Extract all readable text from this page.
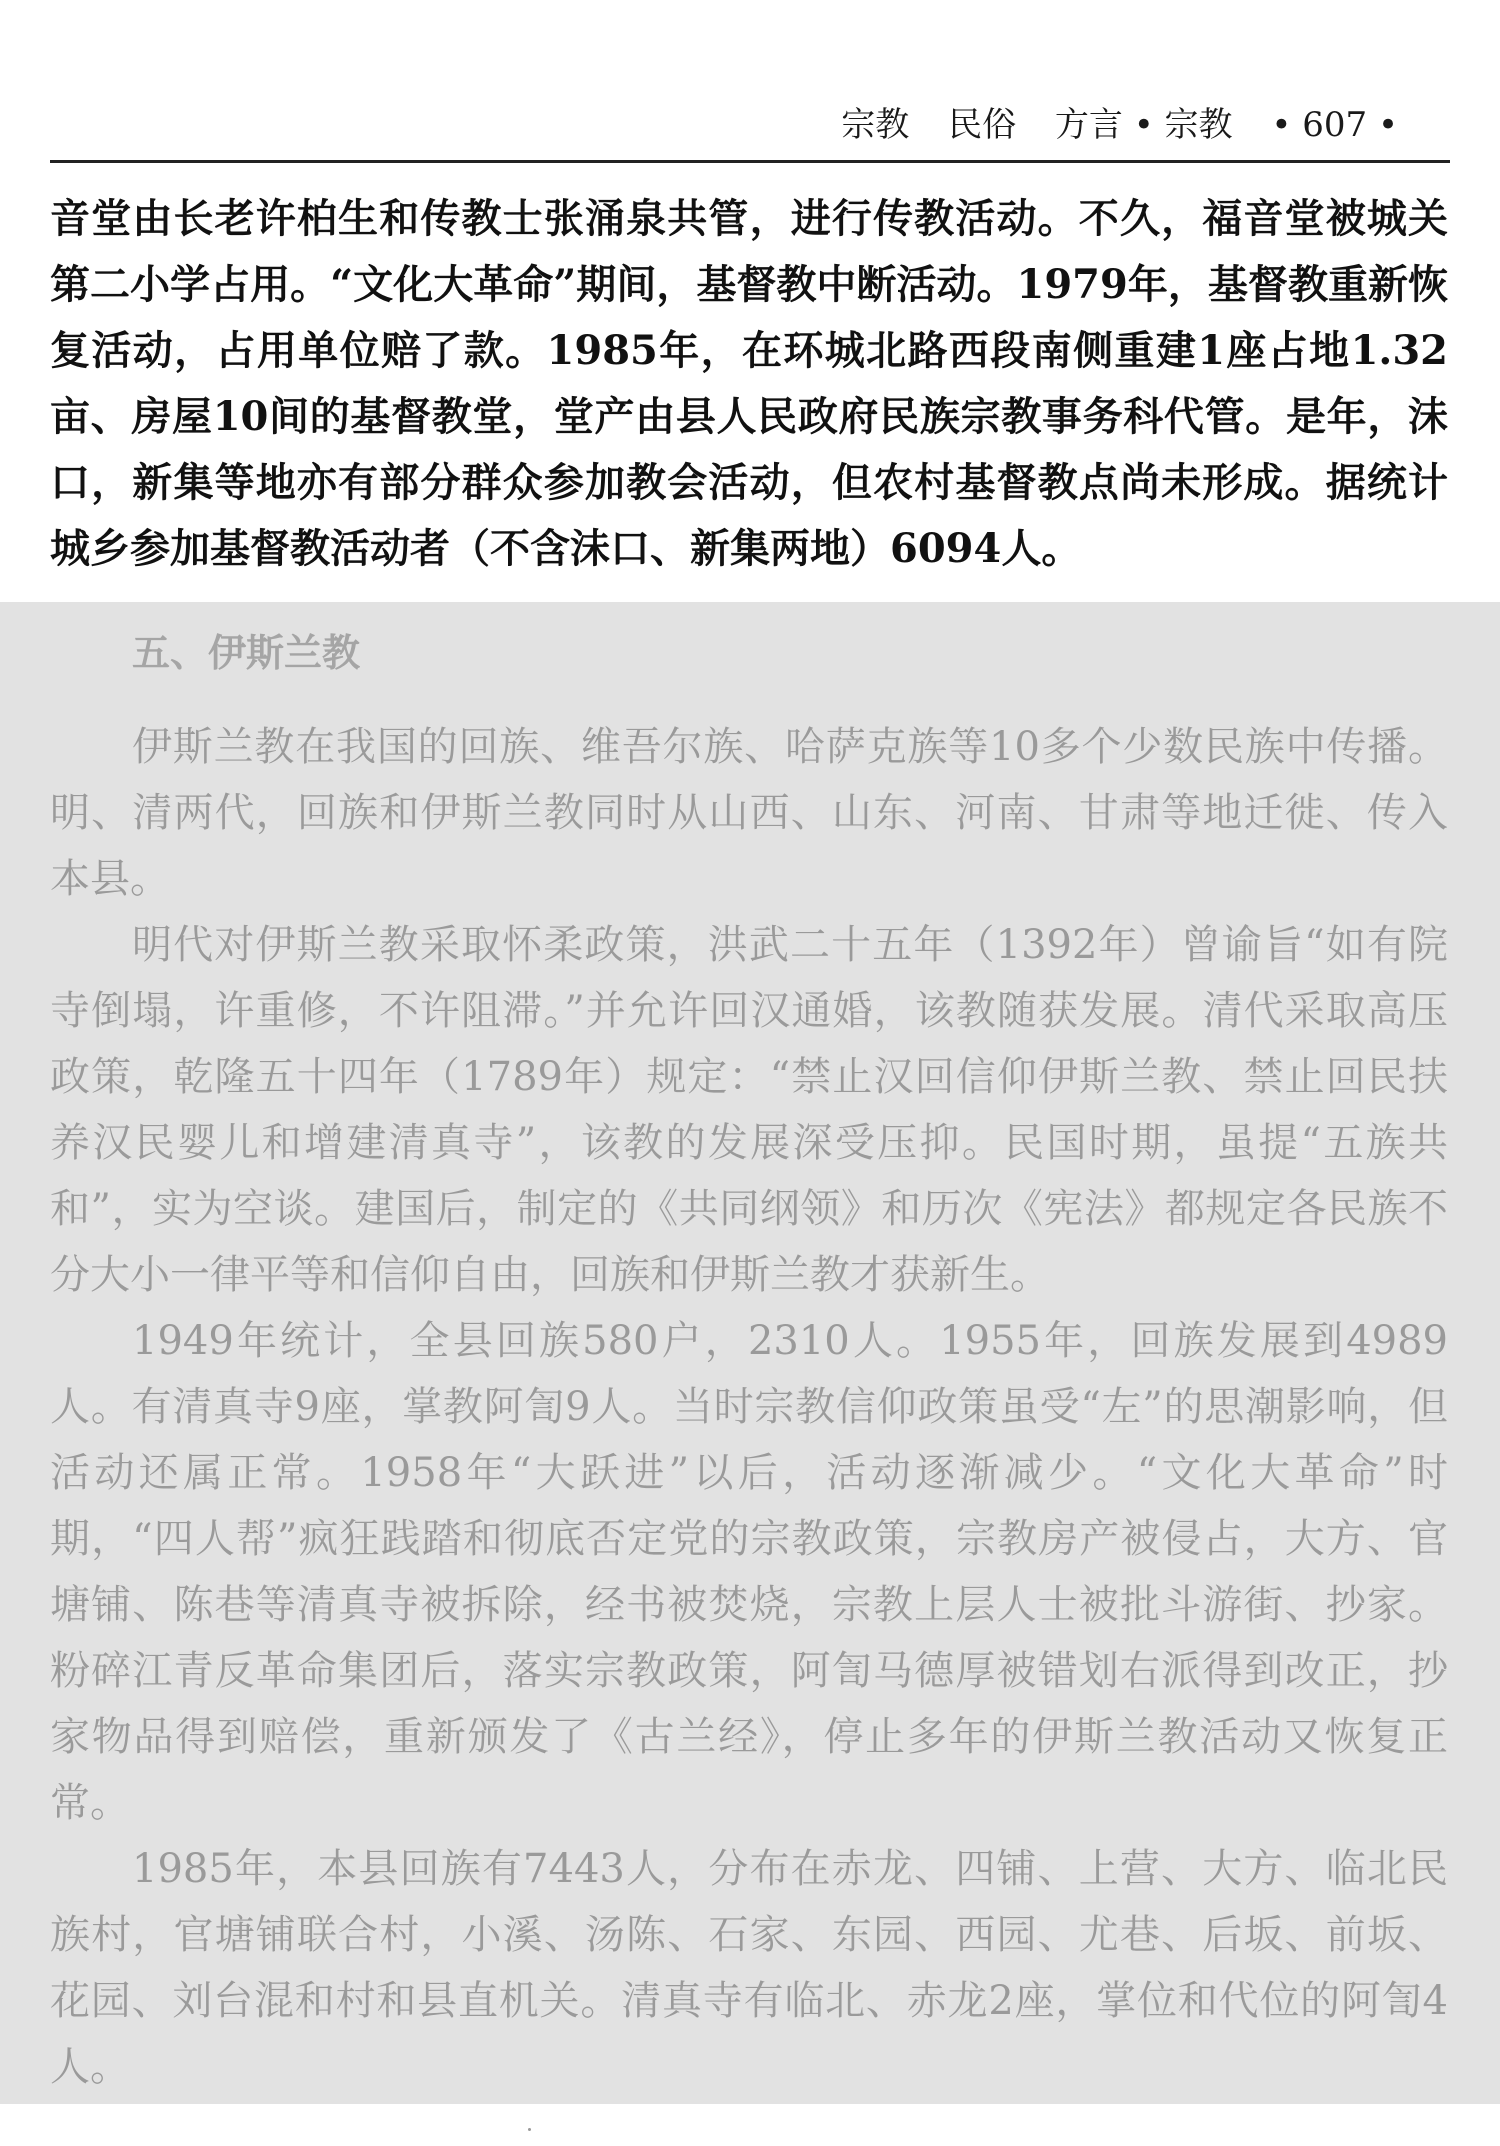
宗教 民俗 方言 • 宗教 • 607 •

音堂由长老许柏生和传教士张涌泉共管，进行传教活动。不久，福音堂被城关第二小学占用。“文化大革命”期间，基督教中断活动。1979年，基督教重新恢复活动，占用单位赔了款。1985年，在环城北路西段南侧重建1座占地1.32亩、房屋10间的基督教堂，堂产由县人民政府民族宗教事务科代管。是年，沬口，新集等地亦有部分群众参加教会活动，但农村基督教点尚未形成。据统计城乡参加基督教活动者（不含沬口、新集两地）6094人。

五、伊斯兰教

伊斯兰教在我国的回族、维吾尔族、哈萨克族等10多个少数民族中传播。明、清两代，回族和伊斯兰教同时从山西、山东、河南、甘肃等地迁徙、传入本县。

明代对伊斯兰教采取怀柔政策，洪武二十五年（1392年）曾谕旨“如有院寺倒塌，许重修，不许阻滞。”并允许回汉通婚，该教随获发展。清代采取高压政策，乾隆五十四年（1789年）规定：“禁止汉回信仰伊斯兰教、禁止回民扶养汉民婴儿和增建清真寺”，该教的发展深受压抑。民国时期，虽提“五族共和”，实为空谈。建国后，制定的《共同纲领》和历次《宪法》都规定各民族不分大小一律平等和信仰自由，回族和伊斯兰教才获新生。

1949年统计，全县回族580户，2310人。1955年，回族发展到4989人。有清真寺9座，掌教阿訇9人。当时宗教信仰政策虽受“左”的思潮影响，但活动还属正常。1958年“大跃进”以后，活动逐渐减少。“文化大革命”时期，“四人帮”疯狂践踏和彻底否定党的宗教政策，宗教房产被侵占，大方、官塘铺、陈巷等清真寺被拆除，经书被焚烧，宗教上层人士被批斗游街、抄家。粉碎江青反革命集团后，落实宗教政策，阿訇马德厚被错划右派得到改正，抄家物品得到赔偿，重新颁发了《古兰经》，停止多年的伊斯兰教活动又恢复正常。

1985年，本县回族有7443人，分布在赤龙、四铺、上营、大方、临北民族村，官塘铺联合村，小溪、汤陈、石家、东园、西园、尤巷、后坂、前坂、花园、刘台混和村和县直机关。清真寺有临北、赤龙2座，掌位和代位的阿訇4人。
